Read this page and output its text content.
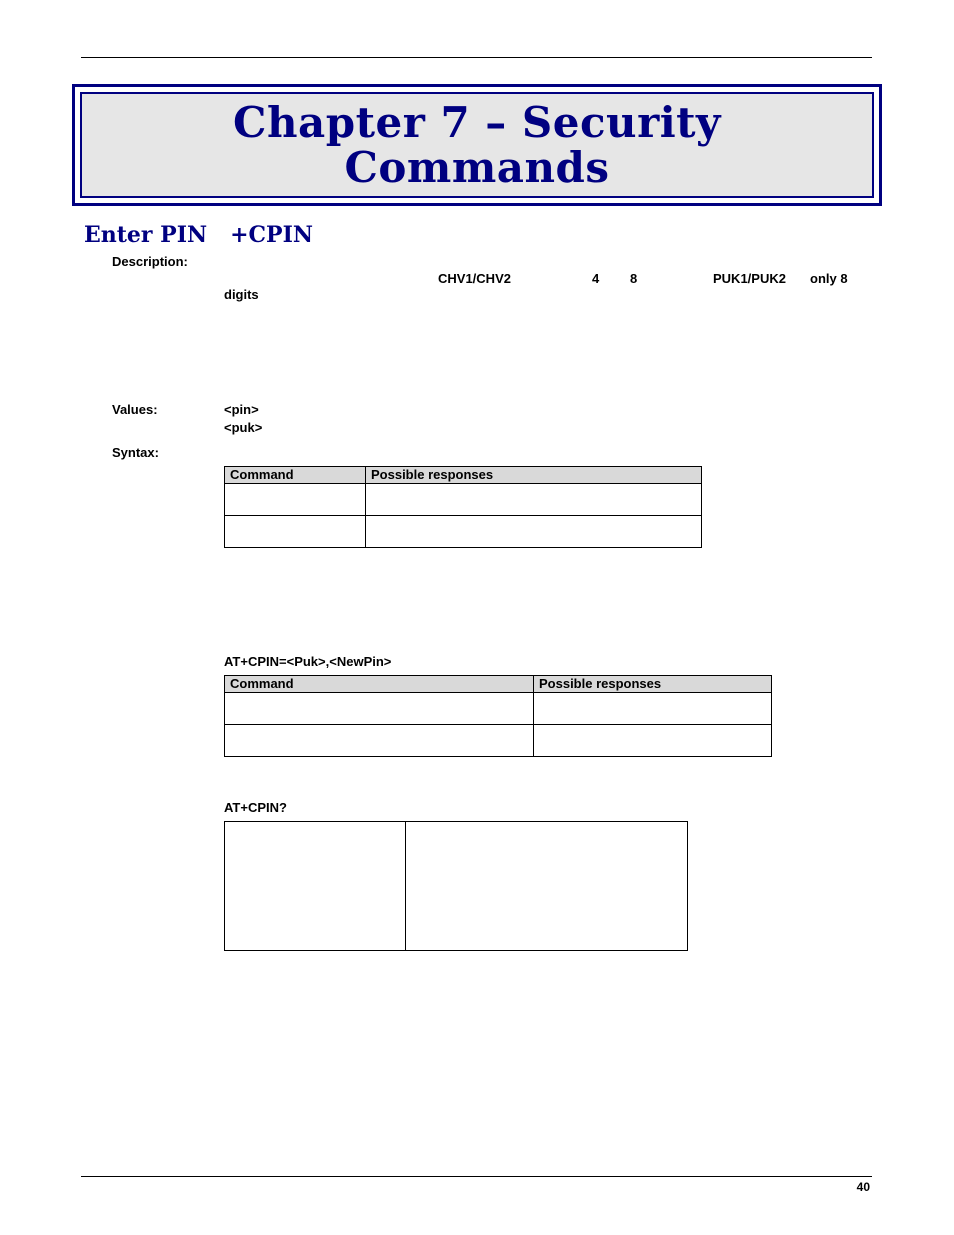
Chapter 7 – Security
Commands
Enter PIN   +CPIN
Description:
CHV1/CHV2	4 8	PUK1/PUK2 only 8
digits
Values:	<pin>
<puk>
Syntax:
Command	Possible responses

AT+CPIN=<Puk>,<NewPin>
Command	Possible responses

AT+CPIN?

40
